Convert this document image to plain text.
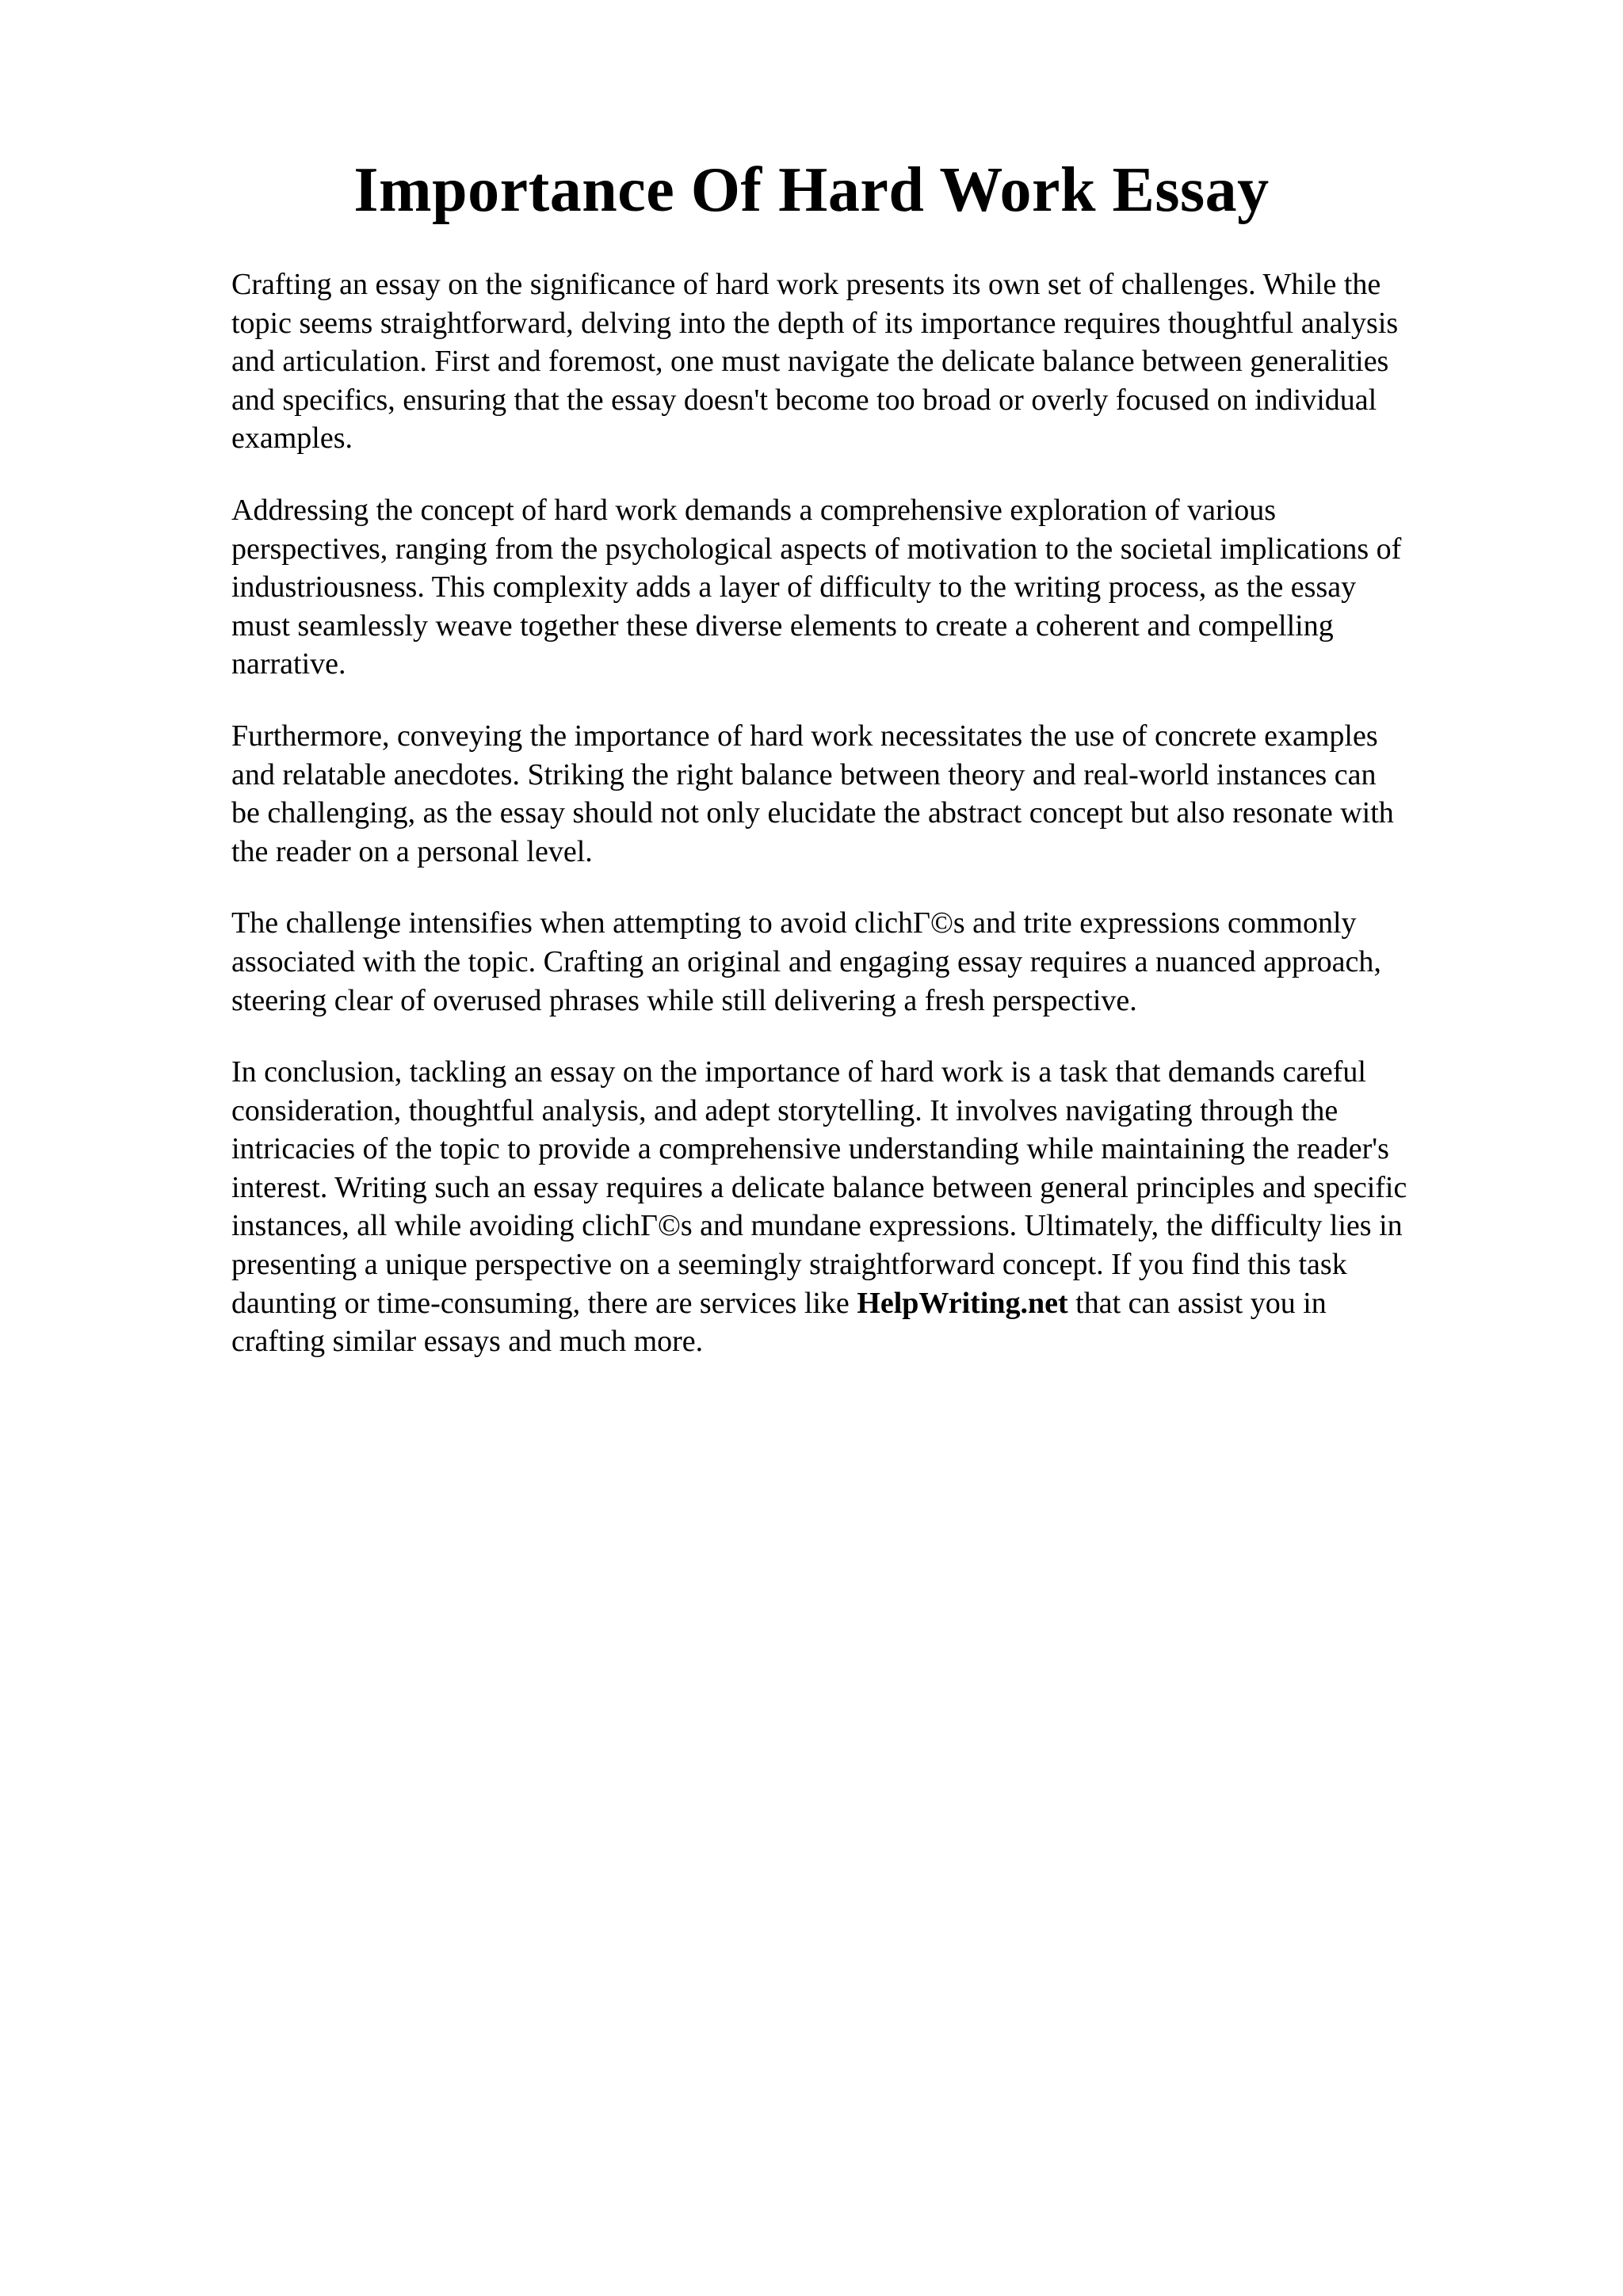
Importance Of Hard Work Essay

Crafting an essay on the significance of hard work presents its own set of challenges. While the
topic seems straightforward, delving into the depth of its importance requires thoughtful analysis
and articulation. First and foremost, one must navigate the delicate balance between generalities
and specifics, ensuring that the essay doesn't become too broad or overly focused on individual
examples.

Addressing the concept of hard work demands a comprehensive exploration of various
perspectives, ranging from the psychological aspects of motivation to the societal implications of
industriousness. This complexity adds a layer of difficulty to the writing process, as the essay
must seamlessly weave together these diverse elements to create a coherent and compelling
narrative.

Furthermore, conveying the importance of hard work necessitates the use of concrete examples
and relatable anecdotes. Striking the right balance between theory and real-world instances can
be challenging, as the essay should not only elucidate the abstract concept but also resonate with
the reader on a personal level.

The challenge intensifies when attempting to avoid clichΓ©s and trite expressions commonly
associated with the topic. Crafting an original and engaging essay requires a nuanced approach,
steering clear of overused phrases while still delivering a fresh perspective.

In conclusion, tackling an essay on the importance of hard work is a task that demands careful
consideration, thoughtful analysis, and adept storytelling. It involves navigating through the
intricacies of the topic to provide a comprehensive understanding while maintaining the reader's
interest. Writing such an essay requires a delicate balance between general principles and specific
instances, all while avoiding clichΓ©s and mundane expressions. Ultimately, the difficulty lies in
presenting a unique perspective on a seemingly straightforward concept. If you find this task
daunting or time-consuming, there are services like HelpWriting.net that can assist you in
crafting similar essays and much more.
